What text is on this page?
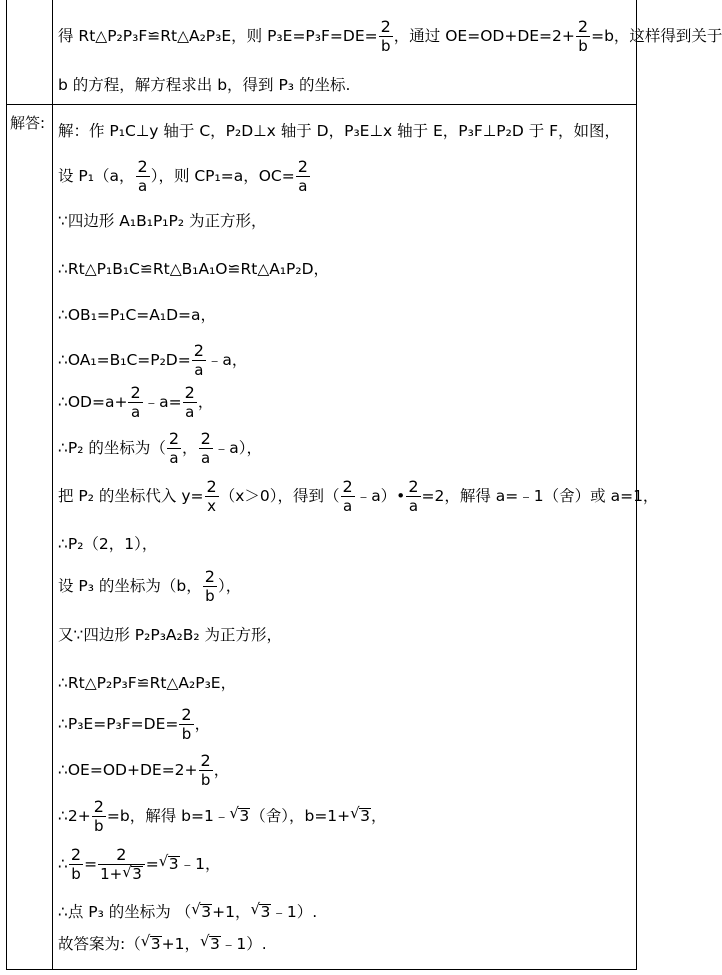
解答:
得 Rt△P₂P₃F≌Rt△A₂P₃E，则 $P_3E=P_3F=DE= \frac{2}{b}$ ，通过 $OE=OD+DE=2+ \frac{2}{b} =b$，这样得到关于
b 的方程，解方程求出 b，得到 P₃ 的坐标.
解：作 P₁C⊥y 轴于 C，P₂D⊥x 轴于 D，P₃E⊥x 轴于 E，P₃F⊥P₂D 于 F，如图，
设 P₁（a， $\frac{2}{a}$ ），则 CP₁=a，$OC= \frac{2}{a}$
∵四边形 A₁B₁P₁P₂ 为正方形，
∴Rt△P₁B₁C≌Rt△B₁A₁O≌Rt△A₁P₂D，
∴OB₁=P₁C=A₁D=a，
∴OA₁=B₁C=P₂D= $\frac{2}{a}$ ﹣a，
∴OD=a+ $\frac{2}{a}$ ﹣a= $\frac{2}{a}$ ，
∴P₂ 的坐标为（ $\frac{2}{a}$ ， $\frac{2}{a}$ ﹣a），
把 P₂ 的坐标代入 $y= \frac{2}{x} (x>0)$，得到（ $\frac{2}{a}$ ﹣a）• $\frac{2}{a} =2$，解得 a=﹣1（舍）或 a=1，
∴P₂（2，1），
设 P₃ 的坐标为（b， $\frac{2}{b}$ ），
又∵四边形 P₂P₃A₂B₂ 为正方形，
∴Rt△P₂P₃F≌Rt△A₂P₃E，
∴P₃E=P₃F=DE= $\frac{2}{b}$ ，
∴OE=OD+DE=2+ $\frac{2}{b}$ ，
∴2+ $\frac{2}{b} =b$，解得 b=1﹣ √ 3（舍），b=1+ √ 3，
∴ $\frac{2}{b} = \frac{2}{1+ √ 3}$ = √ 3﹣1，
∴点 P₃ 的坐标为 （ √ 3+1， √ 3﹣1）.
故答案为:（ √ 3+1， √ 3﹣1）.
